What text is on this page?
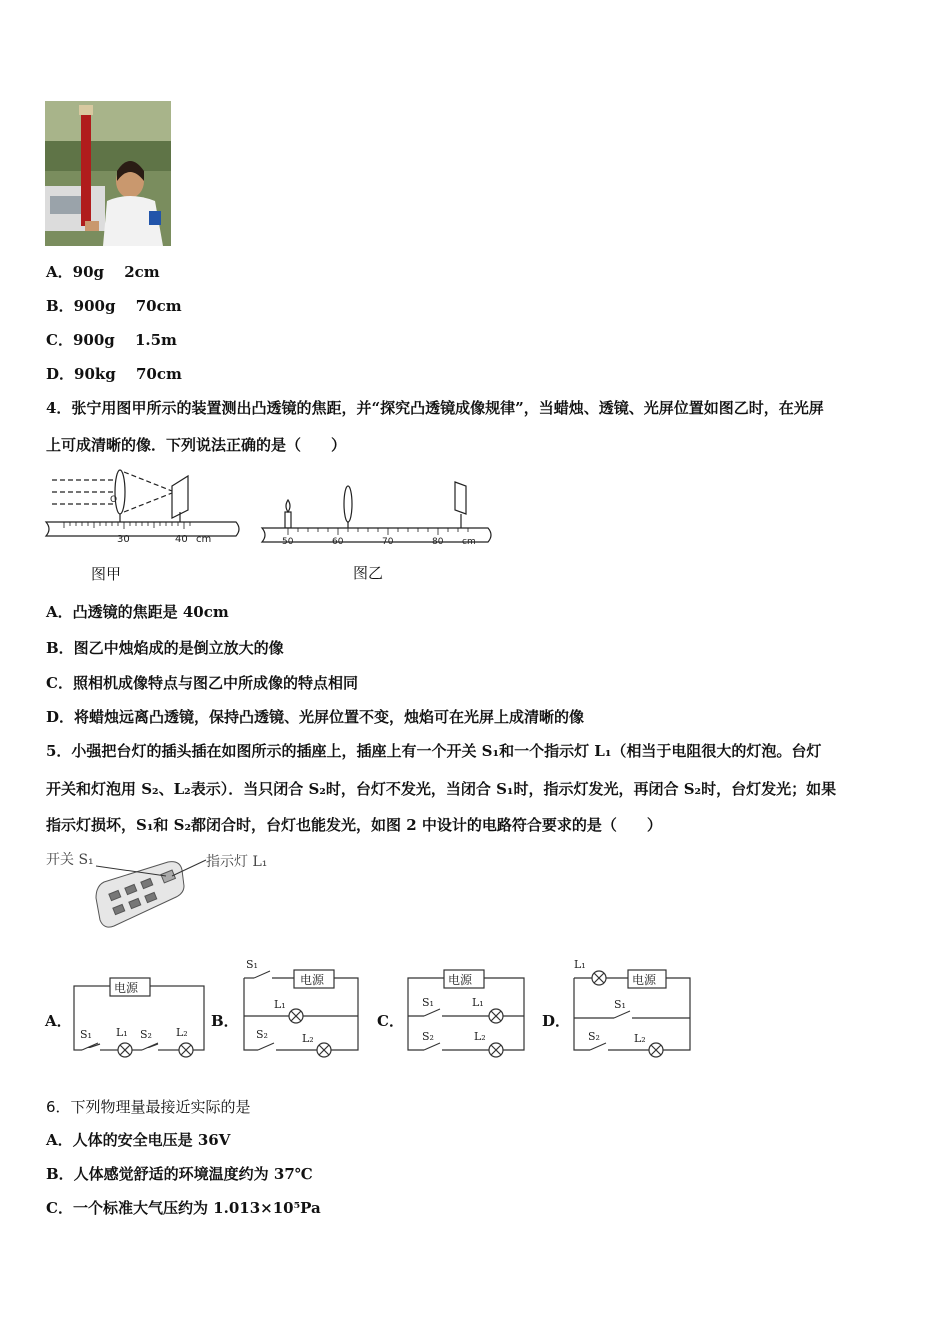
A．90g　 2cm
B．900g　 70cm
C．900g　 1.5m
D．90kg　 70cm
4．张宁用图甲所示的装置测出凸透镜的焦距，并“探究凸透镜成像规律”，当蜡烛、透镜、光屏位置如图乙时，在光屏
上可成清晰的像．下列说法正确的是（　　）
O
30	40 cm
图甲
50	60	70	80 cm
图乙
A．凸透镜的焦距是 40cm
B．图乙中烛焰成的是倒立放大的像
C．照相机成像特点与图乙中所成像的特点相同
D．将蜡烛远离凸透镜，保持凸透镜、光屏位置不变，烛焰可在光屏上成清晰的像
5．小强把台灯的插头插在如图所示的插座上，插座上有一个开关 S₁和一个指示灯 L₁（相当于电阻很大的灯泡。台灯
开关和灯泡用 S₂、L₂表示）．当只闭合 S₂时，台灯不发光，当闭合 S₁时，指示灯发光，再闭合 S₂时，台灯发光；如果
指示灯损坏，S₁和 S₂都闭合时，台灯也能发光，如图 2 中设计的电路符合要求的是（　　）
开关 S₁	指示灯 L₁
A．	B．	C．	D．
电源
S₁ L₁ S₂ L₂
电源
S₁
L₁
S₂	L₂
电源
S₁	L₁
S₂	L₂
电源
L₁
S₁
S₂	L₂
6．下列物理量最接近实际的是
A．人体的安全电压是 36V
B．人体感觉舒适的环境温度约为 37℃
C．一个标准大气压约为 1.013×10⁵Pa
